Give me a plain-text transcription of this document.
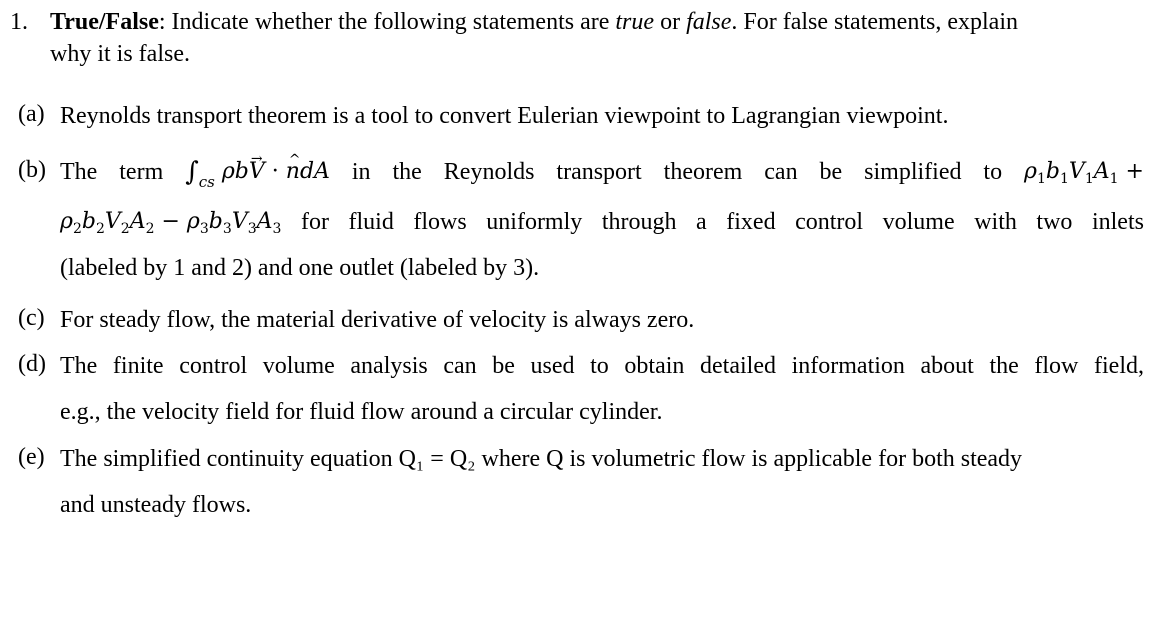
1. True/False: Indicate whether the following statements are true or false. For false statements, explain
why it is false.
(a) Reynolds transport theorem is a tool to convert Eulerian viewpoint to Lagrangian viewpoint.
(b) The term $\int_{cs}$ ρb→ V · ^ ndA in the Reynolds transport theorem can be simplified to $\rho_1b_1V_1A_1$ +
$\rho_2b_2V_2A_2 - \rho_3b_3V_3A_3$ for fluid flows uniformly through a fixed control volume with two inlets
(labeled by 1 and 2) and one outlet (labeled by 3).
(c) For steady flow, the material derivative of velocity is always zero.
(d) The finite control volume analysis can be used to obtain detailed information about the flow field,
e.g., the velocity field for fluid flow around a circular cylinder.
(e) The simplified continuity equation Q₁ = Q₂ where Q is volumetric flow is applicable for both steady
and unsteady flows.
